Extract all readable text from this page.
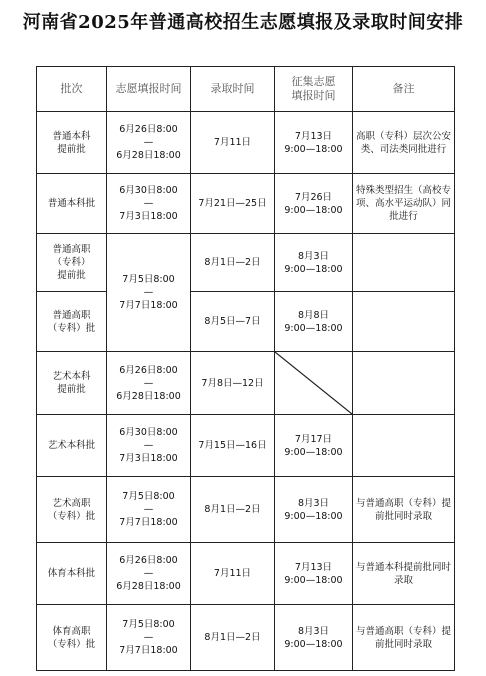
河南省2025年普通高校招生志愿填报及录取时间安排
批次	志愿填报时间	录取时间	征集志愿
填报时间	备注

普通本科
提前批	6月26日8:00
—
6月28日18:00	7月11日	7月13日
9:00—18:00	高职（专科）层次公安类、司法类同批进行

普通本科批	6月30日8:00
—
7月3日18:00	7月21日—25日	7月26日
9:00—18:00	特殊类型招生（高校专项、高水平运动队）同批进行

普通高职
（专科）
提前批	7月5日8:00
—
7月7日18:00	8月1日—2日	8月3日
9:00—18:00	

普通高职
（专科）批		8月5日—7日	8月8日
9:00—18:00	

艺术本科
提前批	6月26日8:00
—
6月28日18:00	7月8日—12日	

艺术本科批	6月30日8:00
—
7月3日18:00	7月15日—16日	7月17日
9:00—18:00	

艺术高职
（专科）批	7月5日8:00
—
7月7日18:00	8月1日—2日	8月3日
9:00—18:00	与普通高职（专科）提前批同时录取

体育本科批	6月26日8:00
—
6月28日18:00	7月11日	7月13日
9:00—18:00	与普通本科提前批同时录取

体育高职
（专科）批	7月5日8:00
—
7月7日18:00	8月1日—2日	8月3日
9:00—18:00	与普通高职（专科）提前批同时录取
